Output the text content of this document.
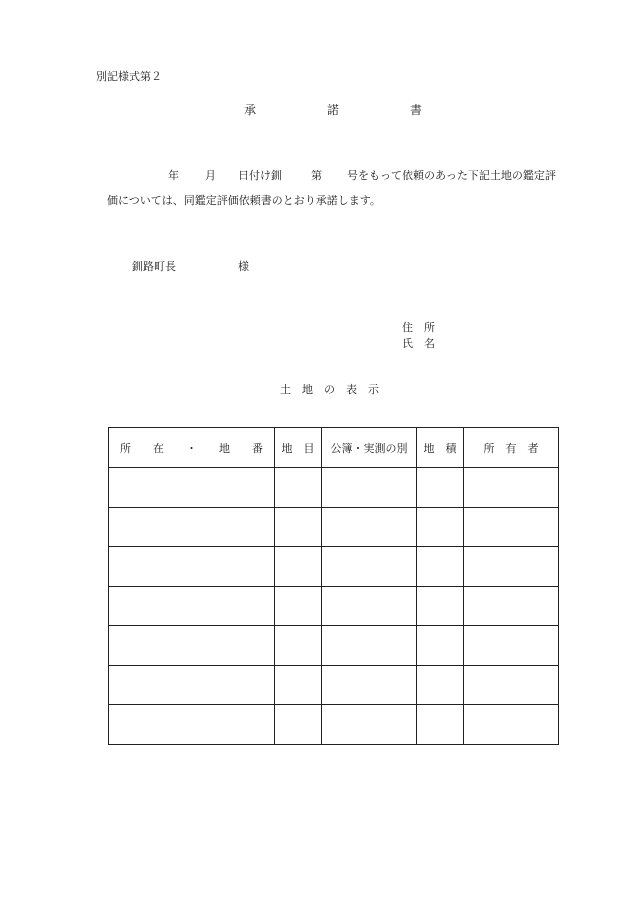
別記様式第２
承	諾	書
年 月 日付け釧	第 号をもって依頼のあった下記土地の鑑定評
価については、同鑑定評価依頼書のとおり承諾します。
釧路町長	様
住　所
氏　名
土　地　の　表　示
所　　在　　・　　地　　番	地　目	公簿・実測の別	地　積	所　有　者
